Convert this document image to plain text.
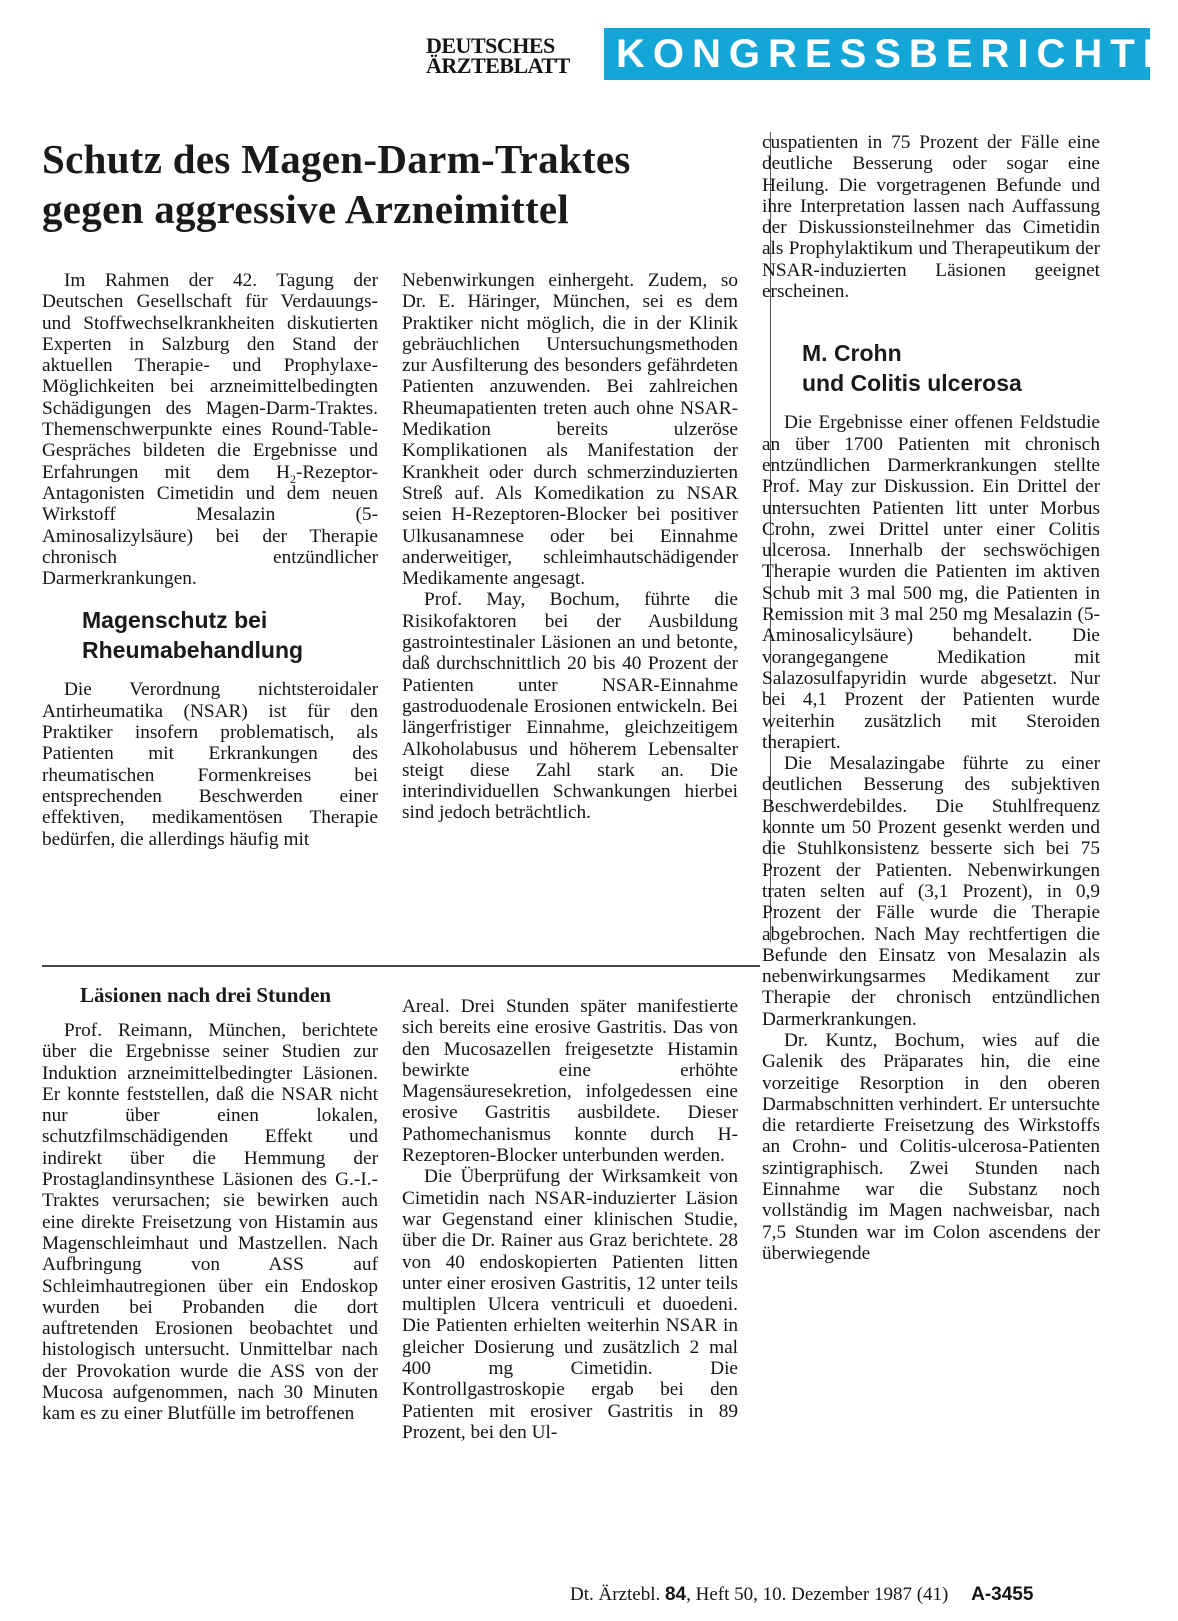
DEUTSCHES
ÄRZTEBLATT	KONGRESSBERICHTE
Schutz des Magen-Darm-Traktes
gegen aggressive Arzneimittel

Im Rahmen der 42. Tagung der Deutschen Gesellschaft für Verdauungs- und Stoffwechselkrankheiten diskutierten Experten in Salzburg den Stand der aktuellen Therapie- und Prophylaxe-Möglichkeiten bei arzneimittelbedingten Schädigungen des Magen-Darm-Traktes. Themenschwerpunkte eines Round-Table-Gespräches bildeten die Ergebnisse und Erfahrungen mit dem $H_2-Rezeptor$-Antagonisten Cimetidin und dem neuen Wirkstoff Mesalazin (5-Aminosalizylsäure) bei der Therapie chronisch entzündlicher Darmerkrankungen.

Magenschutz bei
Rheumabehandlung

Die Verordnung nichtsteroidaler Antirheumatika (NSAR) ist für den Praktiker insofern problematisch, als Patienten mit Erkrankungen des rheumatischen Formenkreises bei entsprechenden Beschwerden einer effektiven, medikamentösen Therapie bedürfen, die allerdings häufig mit

Nebenwirkungen einhergeht. Zudem, so Dr. E. Häringer, München, sei es dem Praktiker nicht möglich, die in der Klinik gebräuchlichen Untersuchungsmethoden zur Ausfilterung des besonders gefährdeten Patienten anzuwenden. Bei zahlreichen Rheumapatienten treten auch ohne NSAR-Medikation bereits ulzeröse Komplikationen als Manifestation der Krankheit oder durch schmerzinduzierten Streß auf. Als Komedikation zu NSAR seien H-Rezeptoren-Blocker bei positiver Ulkusanamnese oder bei Einnahme anderweitiger, schleimhautschädigender Medikamente angesagt.

Prof. May, Bochum, führte die Risikofaktoren bei der Ausbildung gastrointestinaler Läsionen an und betonte, daß durchschnittlich 20 bis 40 Prozent der Patienten unter NSAR-Einnahme gastroduodenale Erosionen entwickeln. Bei längerfristiger Einnahme, gleichzeitigem Alkoholabusus und höherem Lebensalter steigt diese Zahl stark an. Die interindividuellen Schwankungen hierbei sind jedoch beträchtlich.

cuspatienten in 75 Prozent der Fälle eine deutliche Besserung oder sogar eine Heilung. Die vorgetragenen Befunde und ihre Interpretation lassen nach Auffassung der Diskussionsteilnehmer das Cimetidin als Prophylaktikum und Therapeutikum der NSAR-induzierten Läsionen geeignet erscheinen.

M. Crohn
und Colitis ulcerosa

Die Ergebnisse einer offenen Feldstudie an über 1700 Patienten mit chronisch entzündlichen Darmerkrankungen stellte Prof. May zur Diskussion. Ein Drittel der untersuchten Patienten litt unter Morbus Crohn, zwei Drittel unter einer Colitis ulcerosa. Innerhalb der sechswöchigen Therapie wurden die Patienten im aktiven Schub mit 3 mal 500 mg, die Patienten in Remission mit 3 mal 250 mg Mesalazin (5-Aminosalicylsäure) behandelt. Die vorangegangene Medikation mit Salazosulfapyridin wurde abgesetzt. Nur bei 4,1 Prozent der Patienten wurde weiterhin zusätzlich mit Steroiden therapiert.

Die Mesalazingabe führte zu einer deutlichen Besserung des subjektiven Beschwerdebildes. Die Stuhlfrequenz konnte um 50 Prozent gesenkt werden und die Stuhlkonsistenz besserte sich bei 75 Prozent der Patienten. Nebenwirkungen traten selten auf (3,1 Prozent), in 0,9 Prozent der Fälle wurde die Therapie abgebrochen. Nach May rechtfertigen die Befunde den Einsatz von Mesalazin als nebenwirkungsarmes Medikament zur Therapie der chronisch entzündlichen Darmerkrankungen.

Dr. Kuntz, Bochum, wies auf die Galenik des Präparates hin, die eine vorzeitige Resorption in den oberen Darmabschnitten verhindert. Er untersuchte die retardierte Freisetzung des Wirkstoffs an Crohn- und Colitis-ulcerosa-Patienten szintigraphisch. Zwei Stunden nach Einnahme war die Substanz noch vollständig im Magen nachweisbar, nach 7,5 Stunden war im Colon ascendens der überwiegende

Läsionen nach drei Stunden

Prof. Reimann, München, berichtete über die Ergebnisse seiner Studien zur Induktion arzneimittelbedingter Läsionen. Er konnte feststellen, daß die NSAR nicht nur über einen lokalen, schutzfilmschädigenden Effekt und indirekt über die Hemmung der Prostaglandinsynthese Läsionen des G.-I.-Traktes verursachen; sie bewirken auch eine direkte Freisetzung von Histamin aus Magenschleimhaut und Mastzellen. Nach Aufbringung von ASS auf Schleimhautregionen über ein Endoskop wurden bei Probanden die dort auftretenden Erosionen beobachtet und histologisch untersucht. Unmittelbar nach der Provokation wurde die ASS von der Mucosa aufgenommen, nach 30 Minuten kam es zu einer Blutfülle im betroffenen

Areal. Drei Stunden später manifestierte sich bereits eine erosive Gastritis. Das von den Mucosazellen freigesetzte Histamin bewirkte eine erhöhte Magensäuresekretion, infolgedessen eine erosive Gastritis ausbildete. Dieser Pathomechanismus konnte durch H-Rezeptoren-Blocker unterbunden werden.

Die Überprüfung der Wirksamkeit von Cimetidin nach NSAR-induzierter Läsion war Gegenstand einer klinischen Studie, über die Dr. Rainer aus Graz berichtete. 28 von 40 endoskopierten Patienten litten unter einer erosiven Gastritis, 12 unter teils multiplen Ulcera ventriculi et duoedeni. Die Patienten erhielten weiterhin NSAR in gleicher Dosierung und zusätzlich 2 mal 400 mg Cimetidin. Die Kontrollgastroskopie ergab bei den Patienten mit erosiver Gastritis in 89 Prozent, bei den Ul-

Dt. Ärztebl. 84, Heft 50, 10. Dezember 1987 (41) A-3455
